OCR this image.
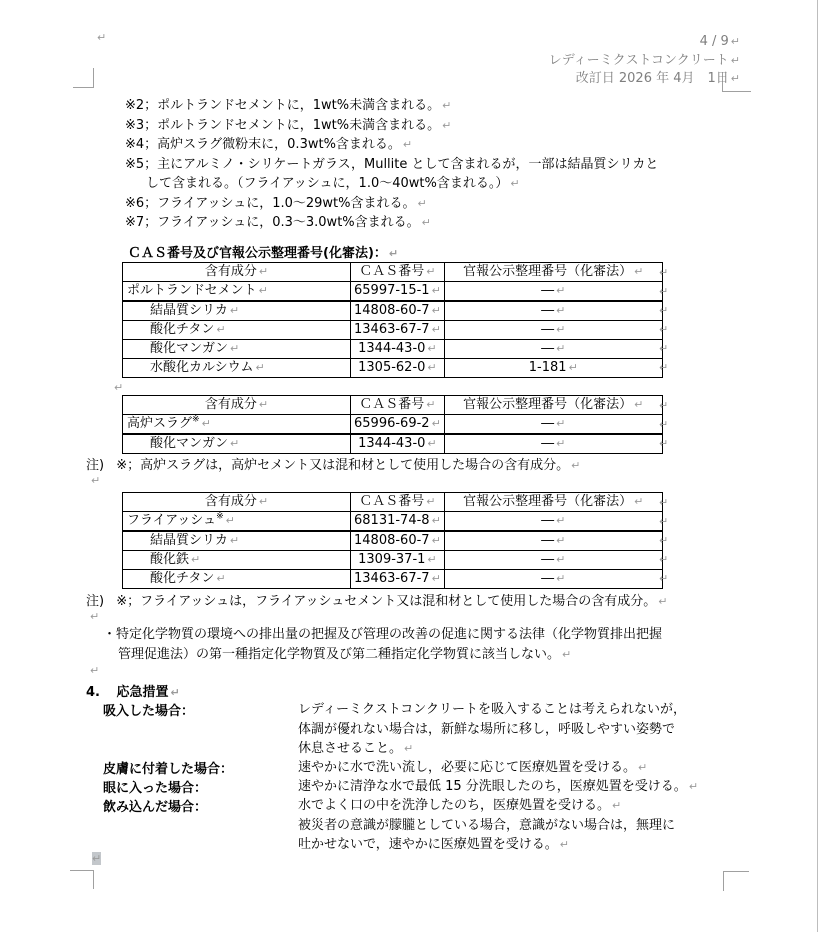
↵	4 / 9 ↵
レディーミクストコンクリート ↵
改訂日 2026 年 4月　1日 ↵
※2；ポルトランドセメントに，1wt%未満含まれる。 ↵
※3；ポルトランドセメントに，1wt%未満含まれる。 ↵
※4；高炉スラグ微粉末に，0.3wt%含まれる。 ↵
※5；主にアルミノ・シリケートガラス，Mullite として含まれるが，一部は結晶質シリカと
して含まれる。（フライアッシュに，1.0～40wt%含まれる。） ↵
※6；フライアッシュに，1.0～29wt%含まれる。 ↵
※7；フライアッシュに，0.3～3.0wt%含まれる。 ↵
ＣＡＳ番号及び官報公示整理番号(化審法)： ↵
含有成分 ↵	ＣＡＳ番号 ↵	官報公示整理番号（化審法） ↵
ポルトランドセメント ↵	65997-15-1 ↵	― ↵
結晶質シリカ ↵	14808-60-7 ↵	― ↵
酸化チタン ↵	13463-67-7 ↵	― ↵
酸化マンガン ↵	1344-43-0 ↵	― ↵
水酸化カルシウム ↵	1305-62-0 ↵	1-181 ↵
↵
↵
↵
↵
↵
↵
↵
含有成分 ↵	ＣＡＳ番号 ↵	官報公示整理番号（化審法） ↵
高炉スラグ※ ↵	65996-69-2 ↵	― ↵
酸化マンガン ↵	1344-43-0 ↵	― ↵
↵
↵
↵
注) ※；高炉スラグは，高炉セメント又は混和材として使用した場合の含有成分。 ↵
↵
含有成分 ↵	ＣＡＳ番号 ↵	官報公示整理番号（化審法） ↵
フライアッシュ※ ↵	68131-74-8 ↵	― ↵
結晶質シリカ ↵	14808-60-7 ↵	― ↵
酸化鉄 ↵	1309-37-1 ↵	― ↵
酸化チタン ↵	13463-67-7 ↵	― ↵
↵
↵
↵
↵
↵
注) ※；フライアッシュは，フライアッシュセメント又は混和材として使用した場合の含有成分。 ↵
↵
・特定化学物質の環境への排出量の把握及び管理の改善の促進に関する法律（化学物質排出把握
管理促進法）の第一種指定化学物質及び第二種指定化学物質に該当しない。 ↵
↵
4. 応急措置 ↵
吸入した場合：	レディーミクストコンクリートを吸入することは考えられないが，
体調が優れない場合は，新鮮な場所に移し，呼吸しやすい姿勢で
休息させること。 ↵
皮膚に付着した場合：	速やかに水で洗い流し，必要に応じて医療処置を受ける。 ↵
眼に入った場合：	速やかに清浄な水で最低 15 分洗眼したのち，医療処置を受ける。 ↵
飲み込んだ場合：	水でよく口の中を洗浄したのち，医療処置を受ける。 ↵
被災者の意識が朦朧としている場合，意識がない場合は，無理に
吐かせないで，速やかに医療処置を受ける。 ↵
↵
